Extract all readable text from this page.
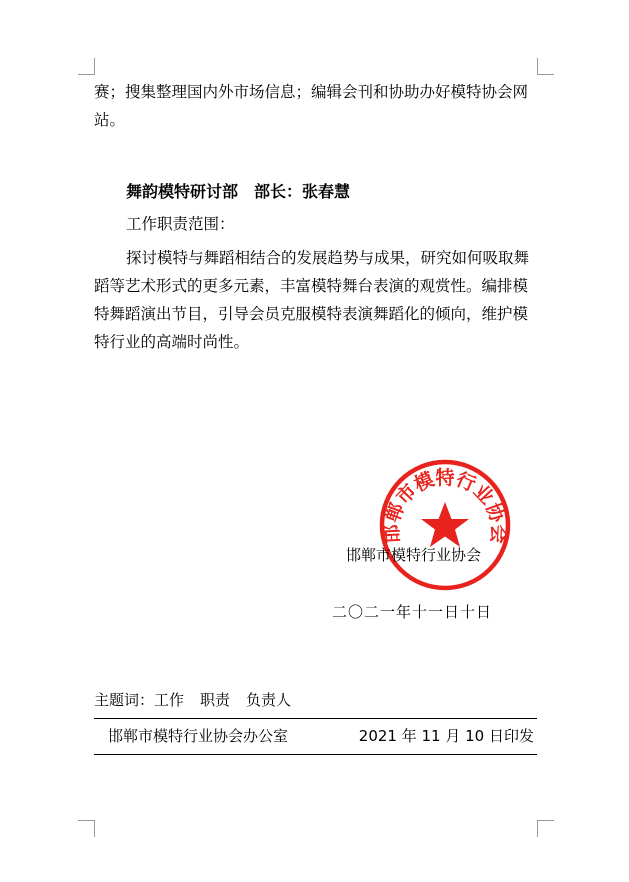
赛；搜集整理国内外市场信息；编辑会刊和协助办好模特协会网站。
舞韵模特研讨部 部长：张春慧
工作职责范围：
探讨模特与舞蹈相结合的发展趋势与成果，研究如何吸取舞蹈等艺术形式的更多元素，丰富模特舞台表演的观赏性。编排模特舞蹈演出节目，引导会员克服模特表演舞蹈化的倾向，维护模特行业的高端时尚性。
邯郸市模特行业协会
邯郸市模特行业协会
二〇二一年十一日十日
主题词：工作 职责 负责人
邯郸市模特行业协会办公室	2021 年 11 月 10 日印发
